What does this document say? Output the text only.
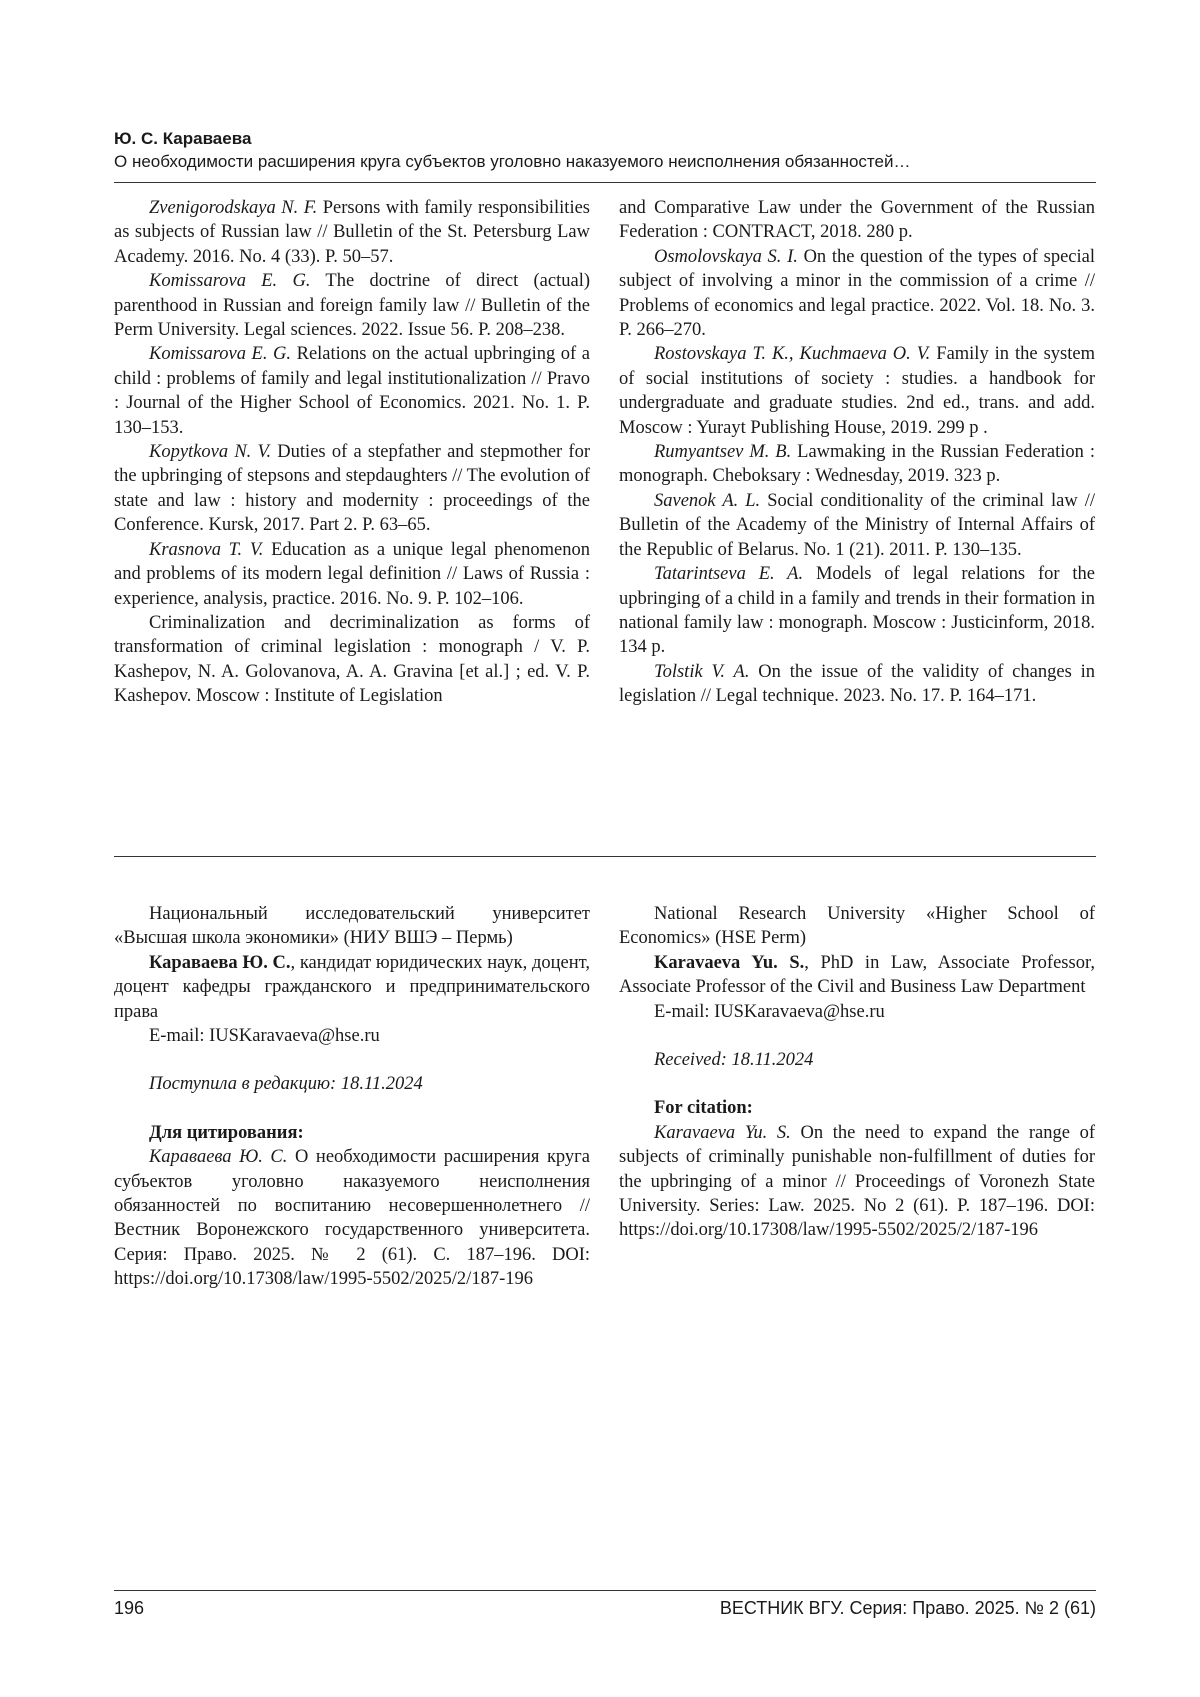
Ю. С. Караваева
О необходимости расширения круга субъектов уголовно наказуемого неисполнения обязанностей…

Zvenigorodskaya N. F. Persons with family responsibilities as subjects of Russian law // Bulletin of the St. Petersburg Law Academy. 2016. No. 4 (33). P. 50–57.

Komissarova E. G. The doctrine of direct (actual) parenthood in Russian and foreign family law // Bulletin of the Perm University. Legal sciences. 2022. Issue 56. P. 208–238.

Komissarova E. G. Relations on the actual upbringing of a child : problems of family and legal institutionalization // Pravo : Journal of the Higher School of Economics. 2021. No. 1. P. 130–153.

Kopytkova N. V. Duties of a stepfather and stepmother for the upbringing of stepsons and stepdaughters // The evolution of state and law : history and modernity : proceedings of the Conference. Kursk, 2017. Part 2. P. 63–65.

Krasnova T. V. Education as a unique legal phenomenon and problems of its modern legal definition // Laws of Russia : experience, analysis, practice. 2016. No. 9. P. 102–106.

Criminalization and decriminalization as forms of transformation of criminal legislation : monograph / V. P. Kashepov, N. A. Golovanova, A. A. Gravina [et al.] ; ed. V. P. Kashepov. Moscow : Institute of Legislation

and Comparative Law under the Government of the Russian Federation : CONTRACT, 2018. 280 p.

Osmolovskaya S. I. On the question of the types of special subject of involving a minor in the commission of a crime // Problems of economics and legal practice. 2022. Vol. 18. No. 3. P. 266–270.

Rostovskaya T. K., Kuchmaeva O. V. Family in the system of social institutions of society : studies. a handbook for undergraduate and graduate studies. 2nd ed., trans. and add. Moscow : Yurayt Publishing House, 2019. 299 p .

Rumyantsev M. B. Lawmaking in the Russian Federation : monograph. Cheboksary : Wednesday, 2019. 323 p.

Savenok A. L. Social conditionality of the criminal law // Bulletin of the Academy of the Ministry of Internal Affairs of the Republic of Belarus. No. 1 (21). 2011. P. 130–135.

Tatarintseva E. A. Models of legal relations for the upbringing of a child in a family and trends in their formation in national family law : monograph. Moscow : Justicinform, 2018. 134 p.

Tolstik V. A. On the issue of the validity of changes in legislation // Legal technique. 2023. No. 17. P. 164–171.

Национальный исследовательский университет «Высшая школа экономики» (НИУ ВШЭ – Пермь)

Караваева Ю. С., кандидат юридических наук, доцент, доцент кафедры гражданского и предпринимательского права

E-mail: IUSKaravaeva@hse.ru

Поступила в редакцию: 18.11.2024

Для цитирования:

Караваева Ю. С. О необходимости расширения круга субъектов уголовно наказуемого неисполнения обязанностей по воспитанию несовершеннолетнего // Вестник Воронежского государственного университета. Серия: Право. 2025. № 2 (61). С. 187–196. DOI: https://doi.org/10.17308/law/1995-5502/2025/2/187-196

National Research University «Higher School of Economics» (HSE Perm)

Karavaeva Yu. S., PhD in Law, Associate Professor, Associate Professor of the Civil and Business Law Department

E-mail: IUSKaravaeva@hse.ru

Received: 18.11.2024

For citation:

Karavaeva Yu. S. On the need to expand the range of subjects of criminally punishable non-fulfillment of duties for the upbringing of a minor // Proceedings of Voronezh State University. Series: Law. 2025. No 2 (61). P. 187–196. DOI: https://doi.org/10.17308/law/1995-5502/2025/2/187-196

196	ВЕСТНИК ВГУ. Серия: Право. 2025. № 2 (61)
